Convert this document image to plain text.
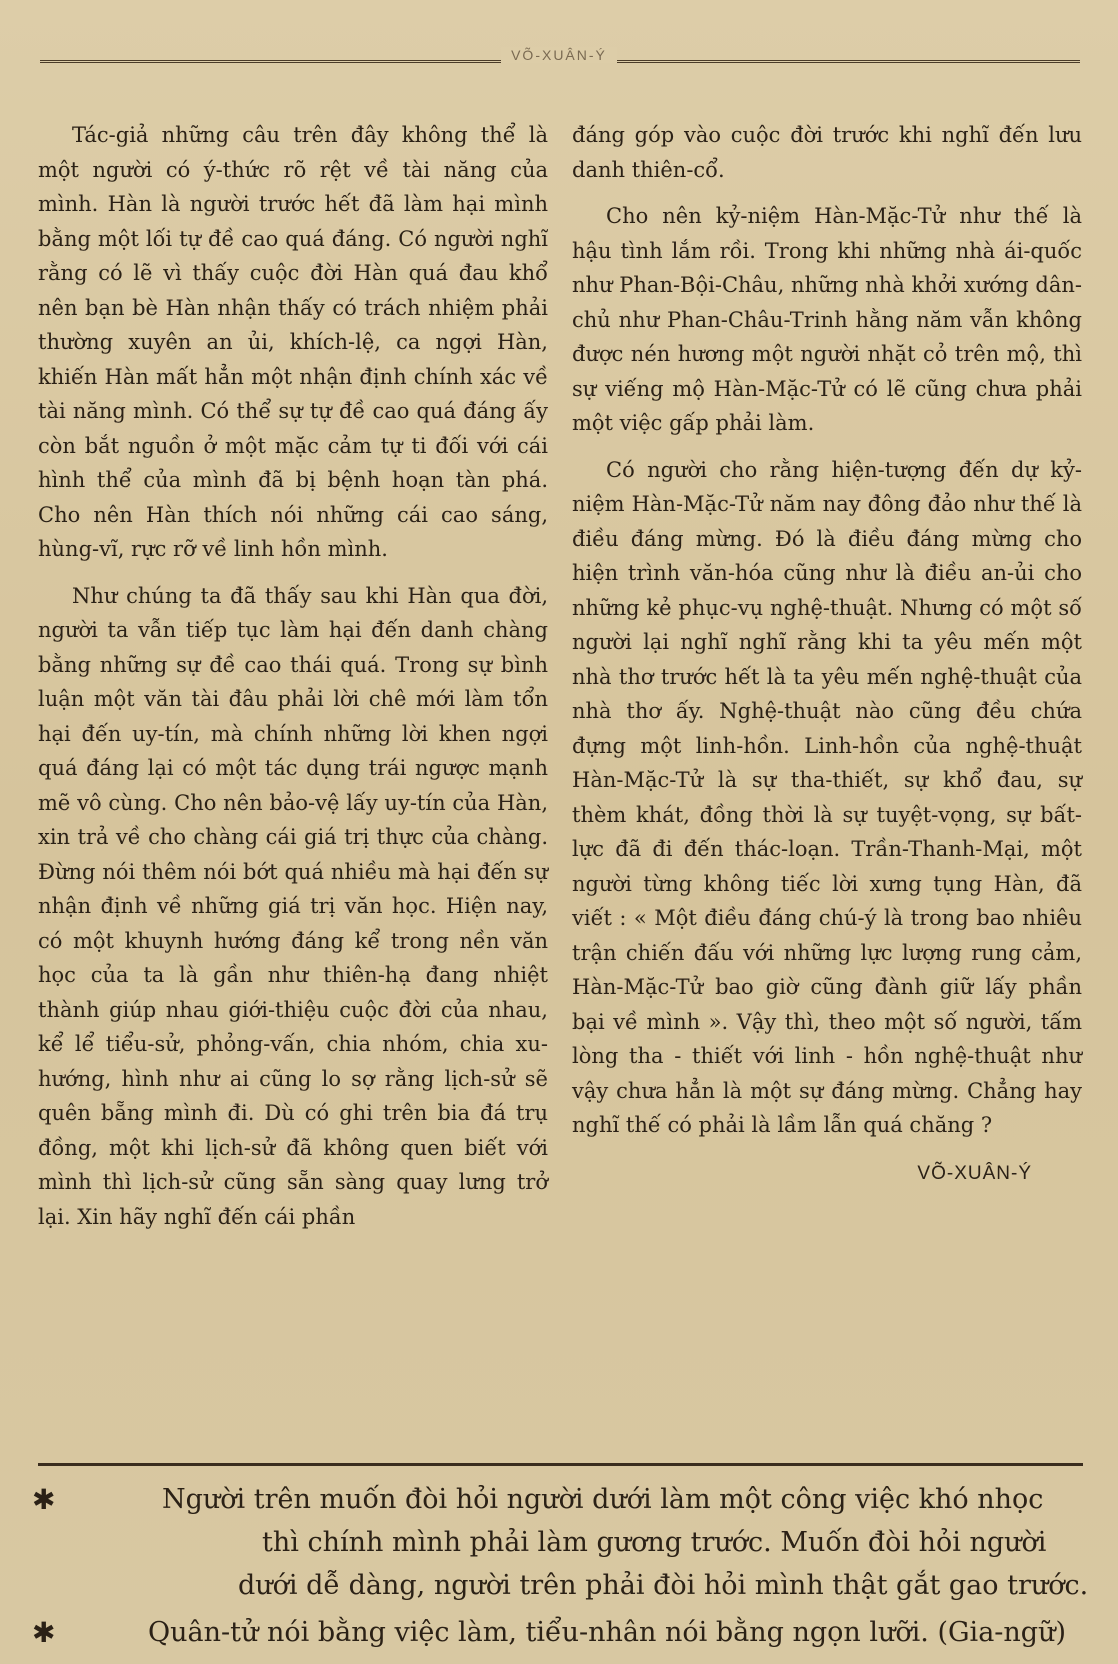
VÕ-XUÂN-Ý

Tác-giả những câu trên đây không thể là một người có ý-thức rõ rệt về tài năng của mình. Hàn là người trước hết đã làm hại mình bằng một lối tự đề cao quá đáng. Có người nghĩ rằng có lẽ vì thấy cuộc đời Hàn quá đau khổ nên bạn bè Hàn nhận thấy có trách nhiệm phải thường xuyên an ủi, khích-lệ, ca ngợi Hàn, khiến Hàn mất hẳn một nhận định chính xác về tài năng mình. Có thể sự tự đề cao quá đáng ấy còn bắt nguồn ở một mặc cảm tự ti đối với cái hình thể của mình đã bị bệnh hoạn tàn phá. Cho nên Hàn thích nói những cái cao sáng, hùng-vĩ, rực rỡ về linh hồn mình.

Như chúng ta đã thấy sau khi Hàn qua đời, người ta vẫn tiếp tục làm hại đến danh chàng bằng những sự đề cao thái quá. Trong sự bình luận một văn tài đâu phải lời chê mới làm tổn hại đến uy-tín, mà chính những lời khen ngợi quá đáng lại có một tác dụng trái ngược mạnh mẽ vô cùng. Cho nên bảo-vệ lấy uy-tín của Hàn, xin trả về cho chàng cái giá trị thực của chàng. Đừng nói thêm nói bớt quá nhiều mà hại đến sự nhận định về những giá trị văn học. Hiện nay, có một khuynh hướng đáng kể trong nền văn học của ta là gần như thiên-hạ đang nhiệt thành giúp nhau giới-thiệu cuộc đời của nhau, kể lể tiểu-sử, phỏng-vấn, chia nhóm, chia xu-hướng, hình như ai cũng lo sợ rằng lịch-sử sẽ quên bẵng mình đi. Dù có ghi trên bia đá trụ đồng, một khi lịch-sử đã không quen biết với mình thì lịch-sử cũng sẵn sàng quay lưng trở lại. Xin hãy nghĩ đến cái phần

đáng góp vào cuộc đời trước khi nghĩ đến lưu danh thiên-cổ.

Cho nên kỷ-niệm Hàn-Mặc-Tử như thế là hậu tình lắm rồi. Trong khi những nhà ái-quốc như Phan-Bội-Châu, những nhà khởi xướng dân-chủ như Phan-Châu-Trinh hằng năm vẫn không được nén hương một người nhặt cỏ trên mộ, thì sự viếng mộ Hàn-Mặc-Tử có lẽ cũng chưa phải một việc gấp phải làm.

Có người cho rằng hiện-tượng đến dự kỷ-niệm Hàn-Mặc-Tử năm nay đông đảo như thế là điều đáng mừng. Đó là điều đáng mừng cho hiện trình văn-hóa cũng như là điều an-ủi cho những kẻ phục-vụ nghệ-thuật. Nhưng có một số người lại nghĩ nghĩ rằng khi ta yêu mến một nhà thơ trước hết là ta yêu mến nghệ-thuật của nhà thơ ấy. Nghệ-thuật nào cũng đều chứa đựng một linh-hồn. Linh-hồn của nghệ-thuật Hàn-Mặc-Tử là sự tha-thiết, sự khổ đau, sự thèm khát, đồng thời là sự tuyệt-vọng, sự bất-lực đã đi đến thác-loạn. Trần-Thanh-Mại, một người từng không tiếc lời xưng tụng Hàn, đã viết : « Một điều đáng chú-ý là trong bao nhiêu trận chiến đấu với những lực lượng rung cảm, Hàn-Mặc-Tử bao giờ cũng đành giữ lấy phần bại về mình ». Vậy thì, theo một số người, tấm lòng tha - thiết với linh - hồn nghệ-thuật như vậy chưa hẳn là một sự đáng mừng. Chẳng hay nghĩ thế có phải là lầm lẫn quá chăng ?

VÕ-XUÂN-Ý
✱	Người trên muốn đòi hỏi người dưới làm một công việc khó nhọc
thì chính mình phải làm gương trước. Muốn đòi hỏi người
dưới dễ dàng, người trên phải đòi hỏi mình thật gắt gao trước.
✱	Quân-tử nói bằng việc làm, tiểu-nhân nói bằng ngọn lưỡi. (Gia-ngữ)
